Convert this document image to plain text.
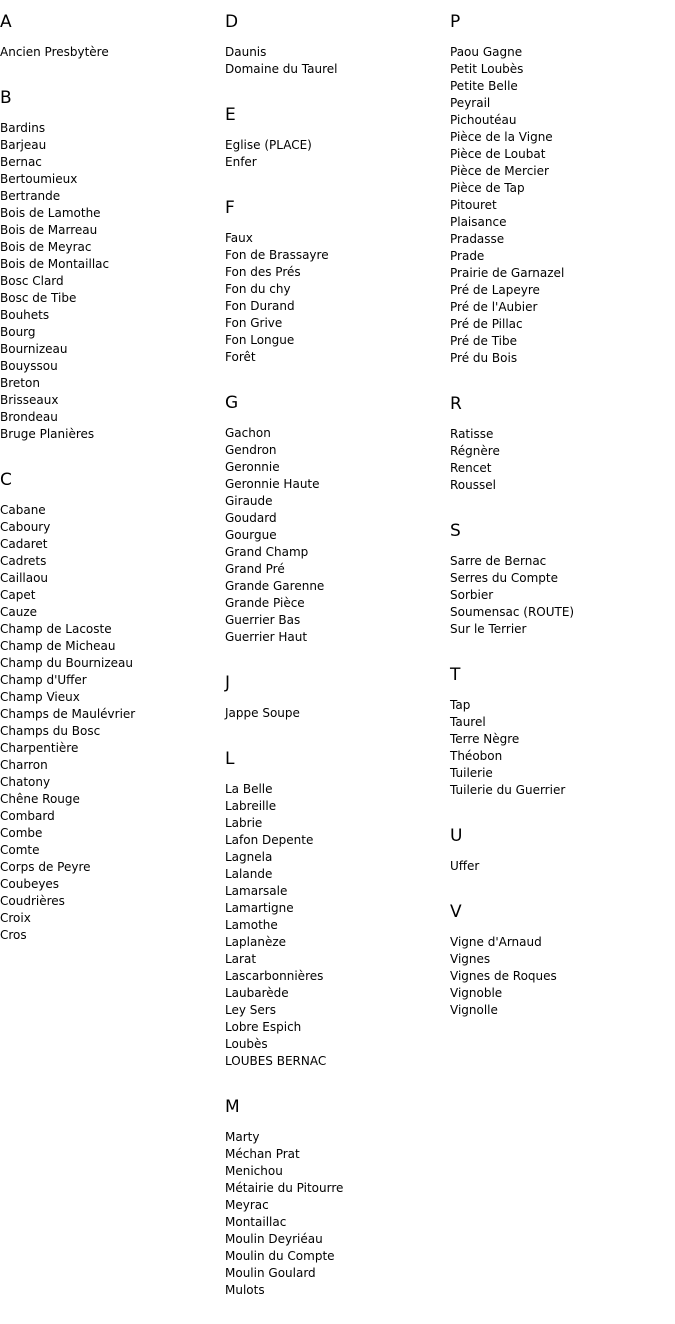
A
Ancien Presbytère
B
Bardins
Barjeau
Bernac
Bertoumieux
Bertrande
Bois de Lamothe
Bois de Marreau
Bois de Meyrac
Bois de Montaillac
Bosc Clard
Bosc de Tibe
Bouhets
Bourg
Bournizeau
Bouyssou
Breton
Brisseaux
Brondeau
Bruge Planières
C
Cabane
Caboury
Cadaret
Cadrets
Caillaou
Capet
Cauze
Champ de Lacoste
Champ de Micheau
Champ du Bournizeau
Champ d'Uffer
Champ Vieux
Champs de Maulévrier
Champs du Bosc
Charpentière
Charron
Chatony
Chêne Rouge
Combard
Combe
Comte
Corps de Peyre
Coubeyes
Coudrières
Croix
Cros
D
Daunis
Domaine du Taurel
E
Eglise (PLACE)
Enfer
F
Faux
Fon de Brassayre
Fon des Prés
Fon du chy
Fon Durand
Fon Grive
Fon Longue
Forêt
G
Gachon
Gendron
Geronnie
Geronnie Haute
Giraude
Goudard
Gourgue
Grand Champ
Grand Pré
Grande Garenne
Grande Pièce
Guerrier Bas
Guerrier Haut
J
Jappe Soupe
L
La Belle
Labreille
Labrie
Lafon Depente
Lagnela
Lalande
Lamarsale
Lamartigne
Lamothe
Laplanèze
Larat
Lascarbonnières
Laubarède
Ley Sers
Lobre Espich
Loubès
LOUBES BERNAC
M
Marty
Méchan Prat
Menichou
Métairie du Pitourre
Meyrac
Montaillac
Moulin Deyriéau
Moulin du Compte
Moulin Goulard
Mulots
P
Paou Gagne
Petit Loubès
Petite Belle
Peyrail
Pichoutéau
Pièce de la Vigne
Pièce de Loubat
Pièce de Mercier
Pièce de Tap
Pitouret
Plaisance
Pradasse
Prade
Prairie de Garnazel
Pré de Lapeyre
Pré de l'Aubier
Pré de Pillac
Pré de Tibe
Pré du Bois
R
Ratisse
Régnère
Rencet
Roussel
S
Sarre de Bernac
Serres du Compte
Sorbier
Soumensac (ROUTE)
Sur le Terrier
T
Tap
Taurel
Terre Nègre
Théobon
Tuilerie
Tuilerie du Guerrier
U
Uffer
V
Vigne d'Arnaud
Vignes
Vignes de Roques
Vignoble
Vignolle
